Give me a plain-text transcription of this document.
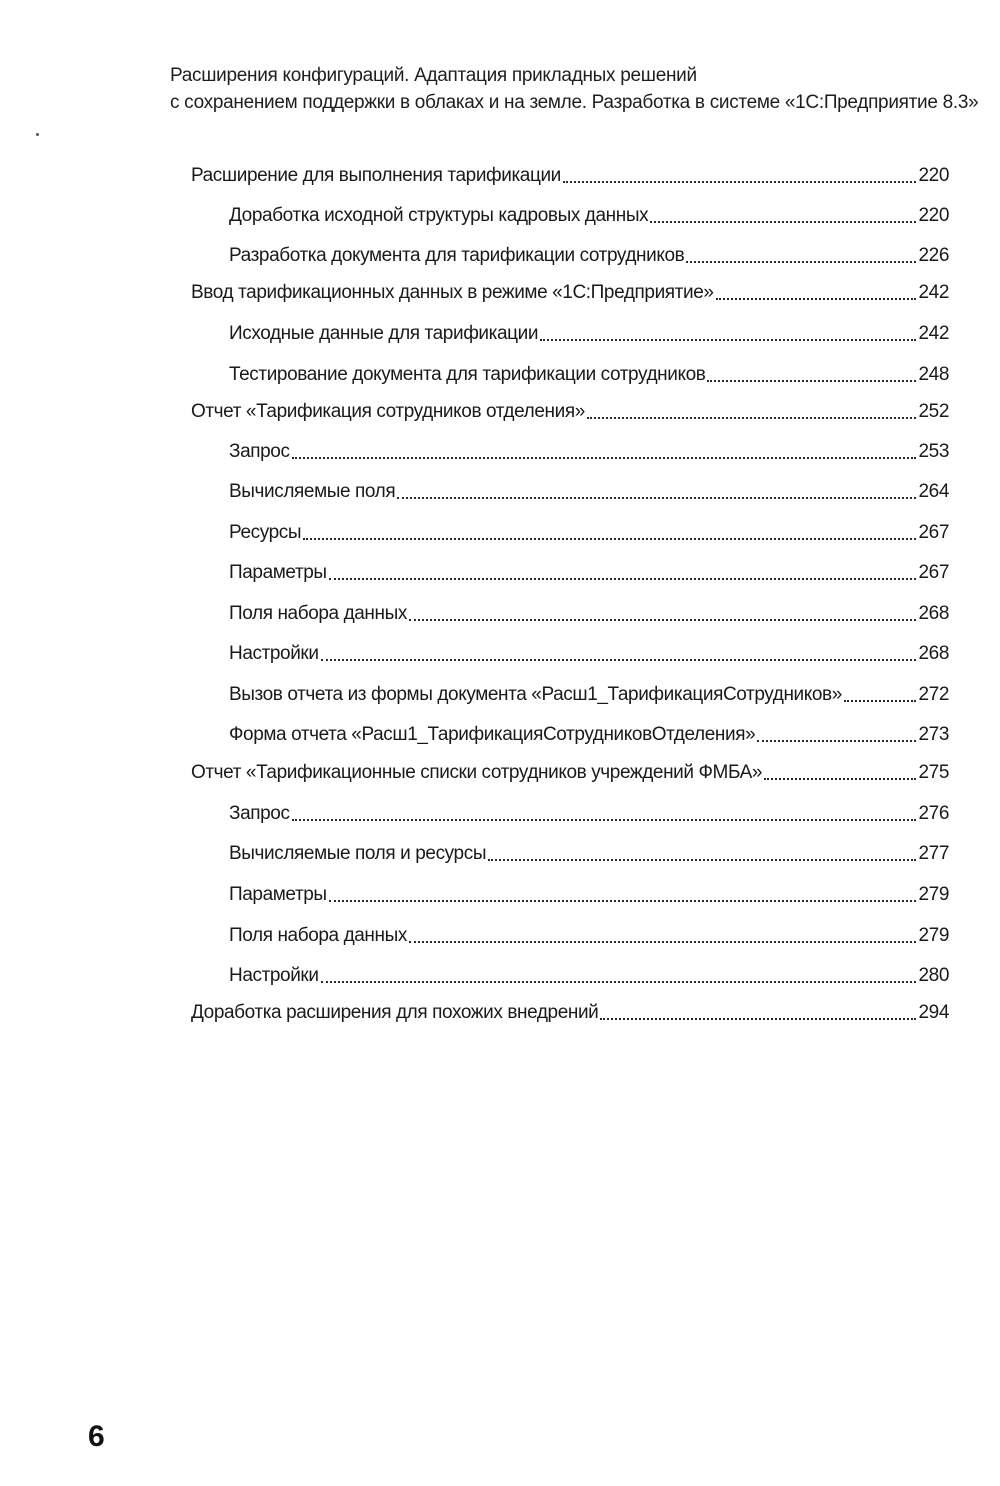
Расширения конфигураций. Адаптация прикладных решений
с сохранением поддержки в облаках и на земле. Разработка в системе «1С:Предприятие 8.3»
Расширение для выполнения тарификации	220
Доработка исходной структуры кадровых данных	220
Разработка документа для тарификации сотрудников	226
Ввод тарификационных данных в режиме «1С:Предприятие»	242
Исходные данные для тарификации	242
Тестирование документа для тарификации сотрудников	248
Отчет «Тарификация сотрудников отделения»	252
Запрос	253
Вычисляемые поля	264
Ресурсы	267
Параметры	267
Поля набора данных	268
Настройки	268
Вызов отчета из формы документа «Расш1_ТарификацияСотрудников»	272
Форма отчета «Расш1_ТарификацияСотрудниковОтделения»	273
Отчет «Тарификационные списки сотрудников учреждений ФМБА»	275
Запрос	276
Вычисляемые поля и ресурсы	277
Параметры	279
Поля набора данных	279
Настройки	280
Доработка расширения для похожих внедрений	294
6
